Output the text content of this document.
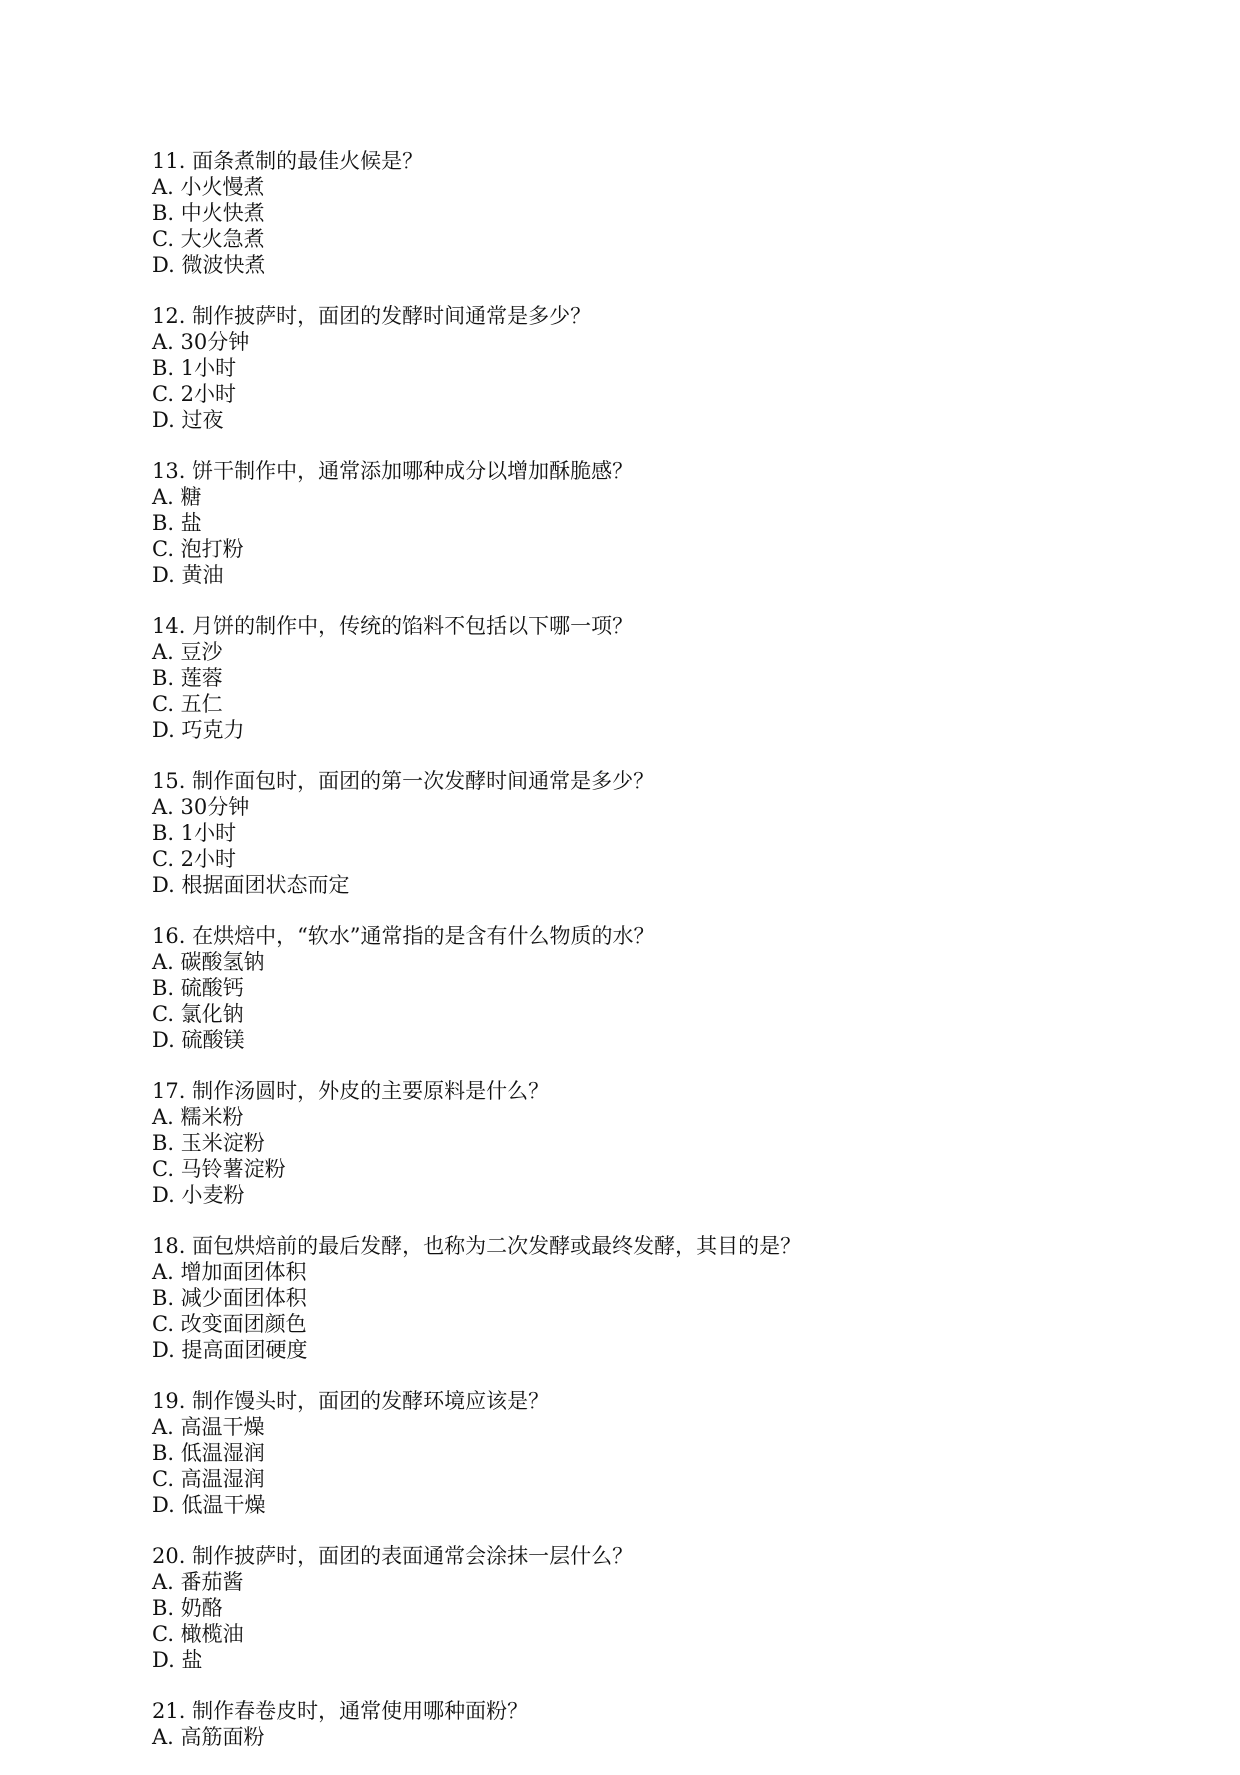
11. 面条煮制的最佳火候是？

A. 小火慢煮

B. 中火快煮

C. 大火急煮

D. 微波快煮

12. 制作披萨时，面团的发酵时间通常是多少？

A. 30分钟

B. 1小时

C. 2小时

D. 过夜

13. 饼干制作中，通常添加哪种成分以增加酥脆感？

A. 糖

B. 盐

C. 泡打粉

D. 黄油

14. 月饼的制作中，传统的馅料不包括以下哪一项？

A. 豆沙

B. 莲蓉

C. 五仁

D. 巧克力

15. 制作面包时，面团的第一次发酵时间通常是多少？

A. 30分钟

B. 1小时

C. 2小时

D. 根据面团状态而定

16. 在烘焙中，“软水”通常指的是含有什么物质的水？

A. 碳酸氢钠

B. 硫酸钙

C. 氯化钠

D. 硫酸镁

17. 制作汤圆时，外皮的主要原料是什么？

A. 糯米粉

B. 玉米淀粉

C. 马铃薯淀粉

D. 小麦粉

18. 面包烘焙前的最后发酵，也称为二次发酵或最终发酵，其目的是？

A. 增加面团体积

B. 减少面团体积

C. 改变面团颜色

D. 提高面团硬度

19. 制作馒头时，面团的发酵环境应该是？

A. 高温干燥

B. 低温湿润

C. 高温湿润

D. 低温干燥

20. 制作披萨时，面团的表面通常会涂抹一层什么？

A. 番茄酱

B. 奶酪

C. 橄榄油

D. 盐

21. 制作春卷皮时，通常使用哪种面粉？

A. 高筋面粉
